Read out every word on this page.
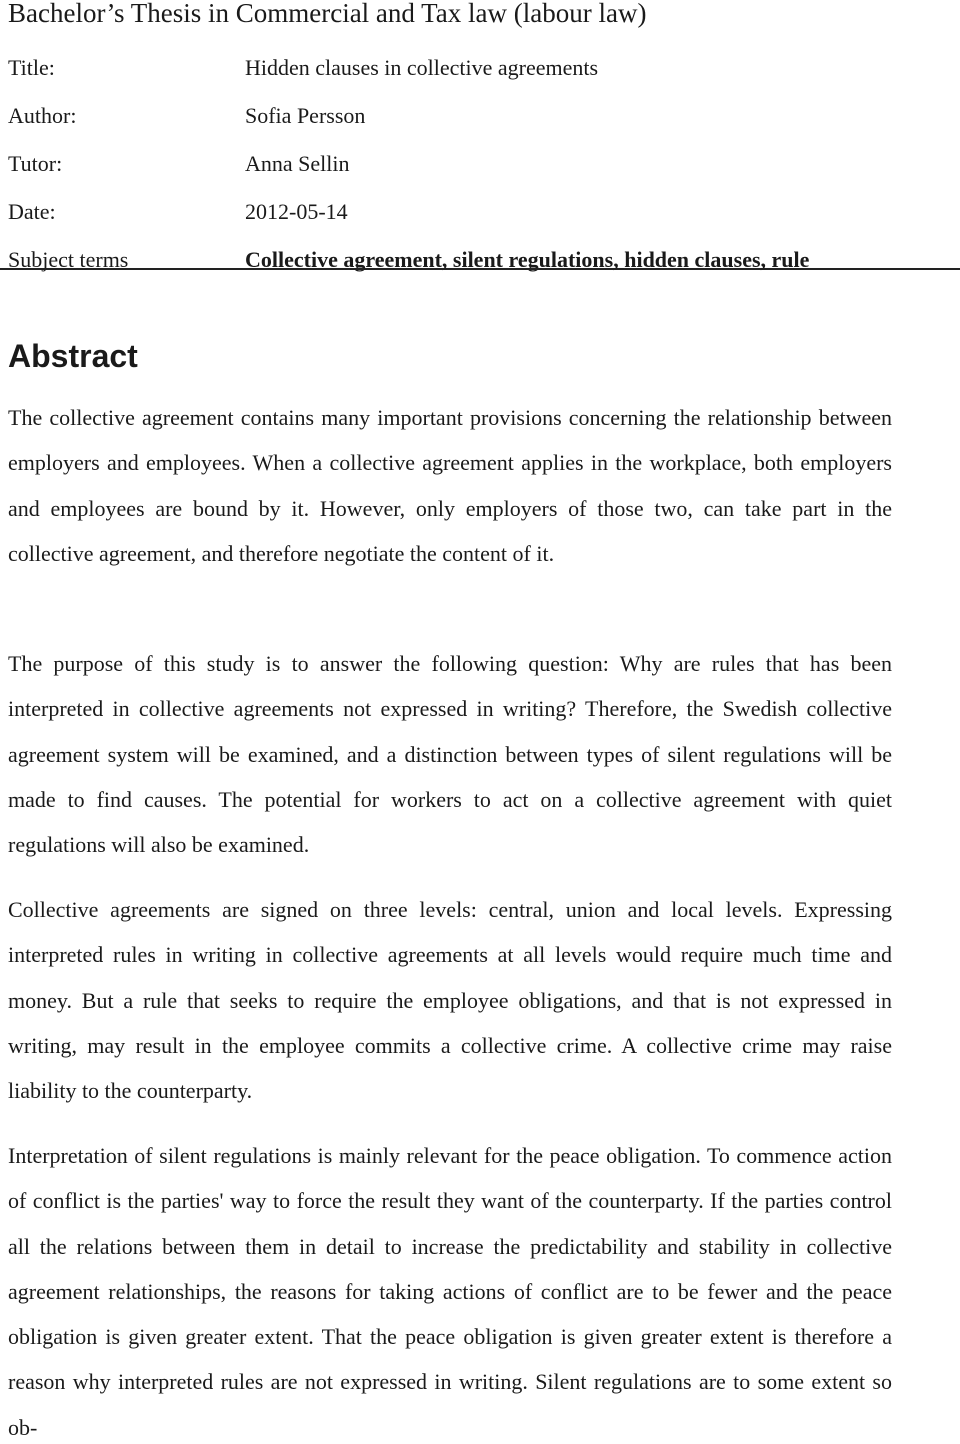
Bachelor’s Thesis in Commercial and Tax law (labour law)
Title:	Hidden clauses in collective agreements
Author:	Sofia Persson
Tutor:	Anna Sellin
Date:	2012-05-14
Subject terms	Collective agreement, silent regulations, hidden clauses, rule
Abstract

The collective agreement contains many important provisions concerning the relationship between employers and employees. When a collective agreement applies in the workplace, both employers and employees are bound by it. However, only employers of those two, can take part in the collective agreement, and therefore negotiate the content of it.

The purpose of this study is to answer the following question: Why are rules that has been interpreted in collective agreements not expressed in writing? Therefore, the Swedish collective agreement system will be examined, and a distinction between types of silent regulations will be made to find causes. The potential for workers to act on a collective agreement with quiet regulations will also be examined.

Collective agreements are signed on three levels: central, union and local levels. Expressing interpreted rules in writing in collective agreements at all levels would require much time and money. But a rule that seeks to require the employee obligations, and that is not expressed in writing, may result in the employee commits a collective crime. A collective crime may raise liability to the counterparty.

Interpretation of silent regulations is mainly relevant for the peace obligation. To commence action of conflict is the parties' way to force the result they want of the counterparty. If the parties control all the relations between them in detail to increase the predictability and stability in collective agreement relationships, the reasons for taking actions of conflict are to be fewer and the peace obligation is given greater extent. That the peace obligation is given greater extent is therefore a reason why interpreted rules are not expressed in writing. Silent regulations are to some extent so ob-
